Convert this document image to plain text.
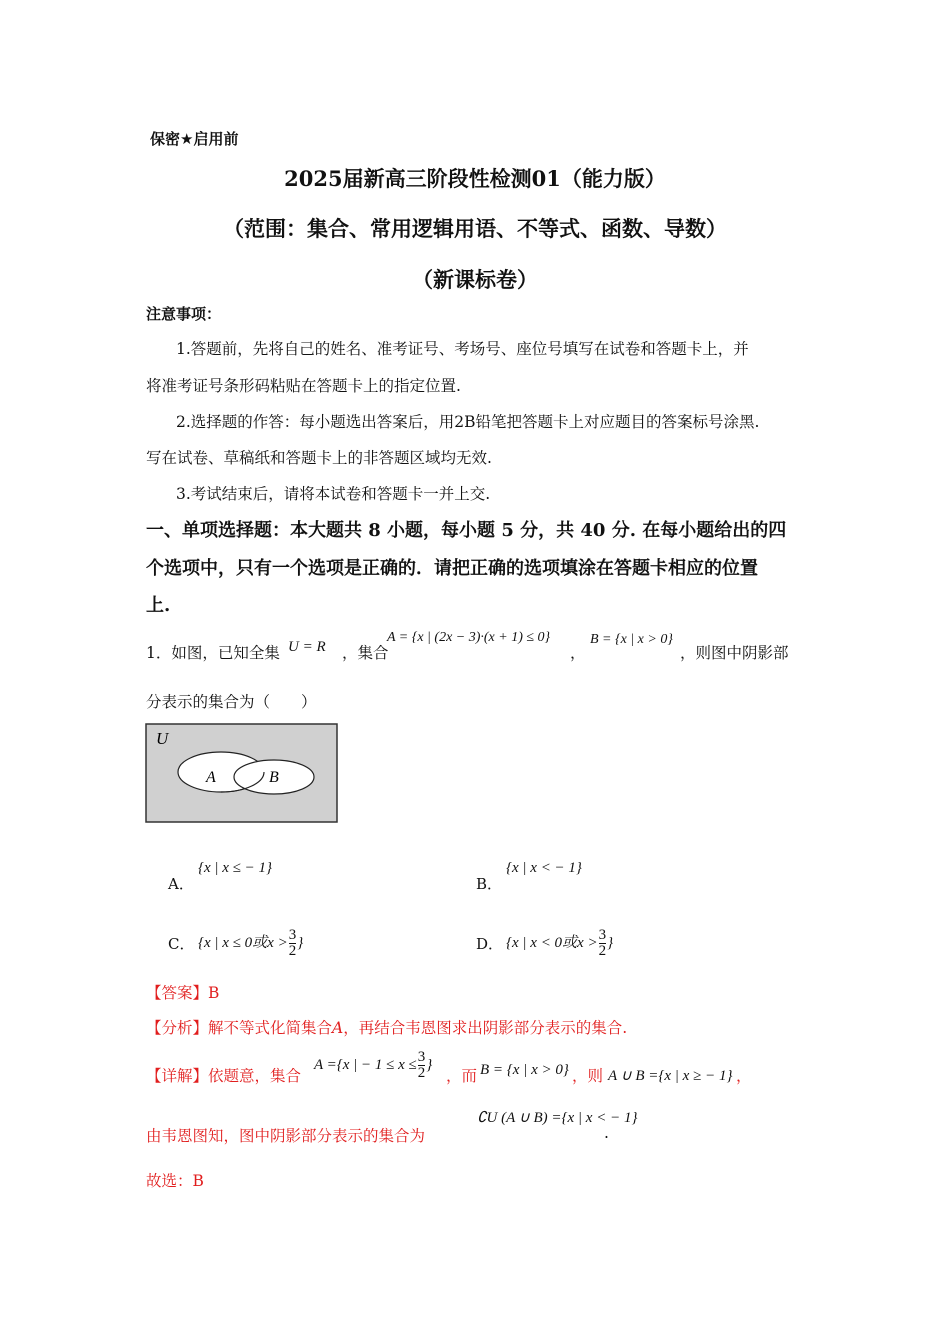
保密★启用前
2025届新高三阶段性检测01（能力版）
（范围：集合、常用逻辑用语、不等式、函数、导数）
（新课标卷）
注意事项：
1.答题前，先将自己的姓名、准考证号、考场号、座位号填写在试卷和答题卡上，并
将准考证号条形码粘贴在答题卡上的指定位置.
2.选择题的作答：每小题选出答案后，用2B铅笔把答题卡上对应题目的答案标号涂黑.
写在试卷、草稿纸和答题卡上的非答题区域均无效.
3.考试结束后，请将本试卷和答题卡一并上交.
一、单项选择题：本大题共 8 小题，每小题 5 分，共 40 分. 在每小题给出的四
个选项中，只有一个选项是正确的．请把正确的选项填涂在答题卡相应的位置
上.
1．如图，已知全集 U = R ，集合
A = {x | (2x − 3)·(x + 1) ≤ 0}
，
B = {x | x > 0}
，则图中阴影部
分表示的集合为（　　）
U
A	B
A．
{x | x ≤ − 1}
B．
{x | x < − 1}
C． {x | x ≤ 0或$x > \frac{3}{2}$ }	D． {x | x < 0或$x > \frac{3}{2}$ }
【答案】B
【分析】解不等式化简集合A，再结合韦恩图求出阴影部分表示的集合.
【详解】依题意，集合
A ={x | − $1 \le x \le \frac{3}{2}$ }
，而 B = {x | x > 0} ，则 A ∪ B ={x | x ≥ − 1} ，
由韦恩图知，图中阴影部分表示的集合为
∁U (A ∪ B) ={x | x < − 1}
.
故选：B
